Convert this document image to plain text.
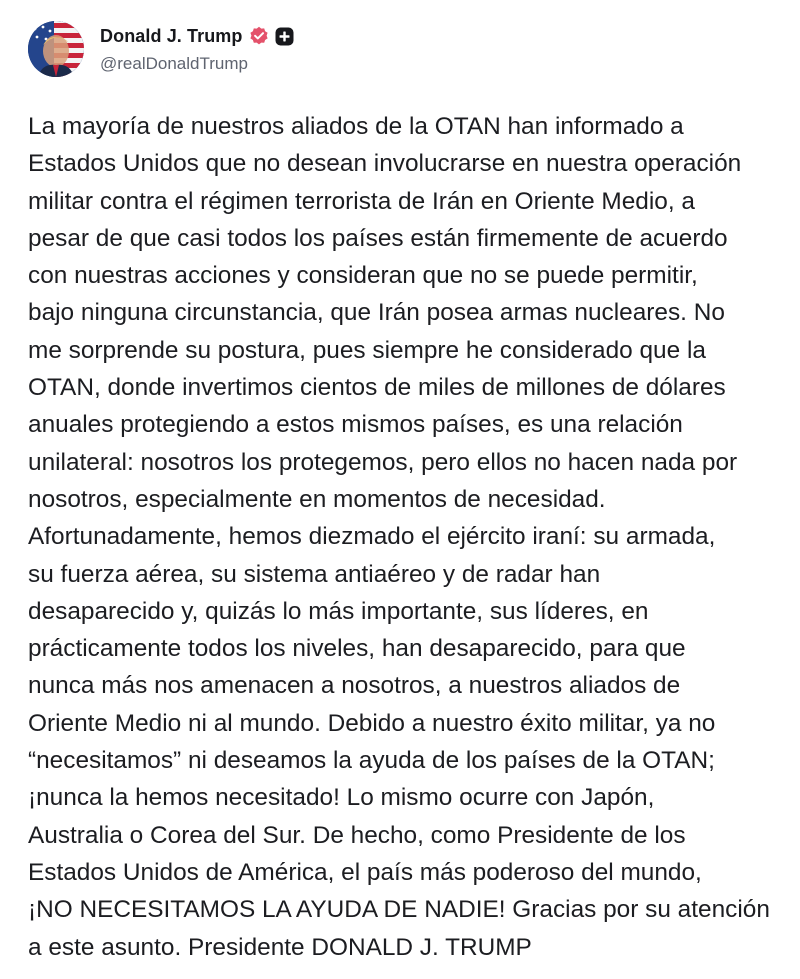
Donald J. Trump
@realDonaldTrump

La mayoría de nuestros aliados de la OTAN han informado a
Estados Unidos que no desean involucrarse en nuestra operación
militar contra el régimen terrorista de Irán en Oriente Medio, a
pesar de que casi todos los países están firmemente de acuerdo
con nuestras acciones y consideran que no se puede permitir,
bajo ninguna circunstancia, que Irán posea armas nucleares. No
me sorprende su postura, pues siempre he considerado que la
OTAN, donde invertimos cientos de miles de millones de dólares
anuales protegiendo a estos mismos países, es una relación
unilateral: nosotros los protegemos, pero ellos no hacen nada por
nosotros, especialmente en momentos de necesidad.
Afortunadamente, hemos diezmado el ejército iraní: su armada,
su fuerza aérea, su sistema antiaéreo y de radar han
desaparecido y, quizás lo más importante, sus líderes, en
prácticamente todos los niveles, han desaparecido, para que
nunca más nos amenacen a nosotros, a nuestros aliados de
Oriente Medio ni al mundo. Debido a nuestro éxito militar, ya no
“necesitamos” ni deseamos la ayuda de los países de la OTAN;
¡nunca la hemos necesitado! Lo mismo ocurre con Japón,
Australia o Corea del Sur. De hecho, como Presidente de los
Estados Unidos de América, el país más poderoso del mundo,
¡NO NECESITAMOS LA AYUDA DE NADIE! Gracias por su atención
a este asunto. Presidente DONALD J. TRUMP
